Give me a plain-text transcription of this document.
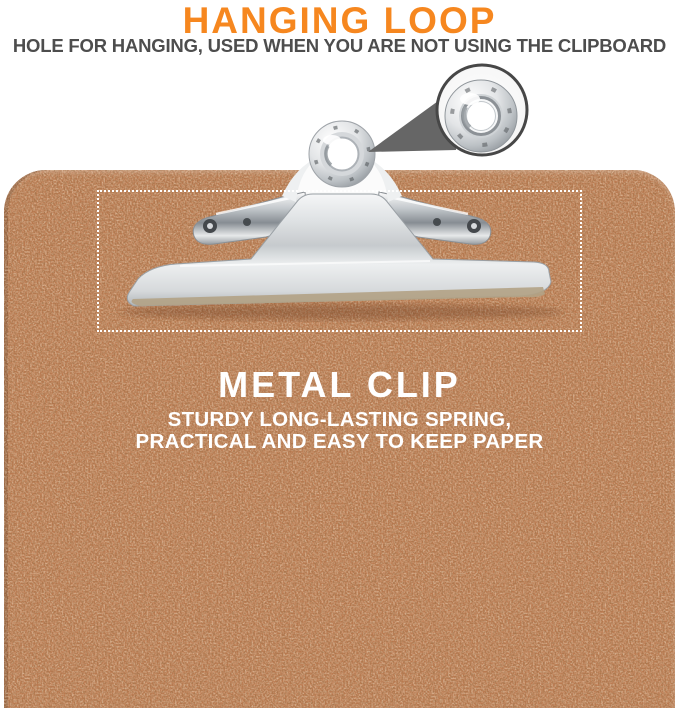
HANGING LOOP
HOLE FOR HANGING, USED WHEN YOU ARE NOT USING THE CLIPBOARD
METAL CLIP
STURDY LONG-LASTING SPRING,
PRACTICAL AND EASY TO KEEP PAPER
